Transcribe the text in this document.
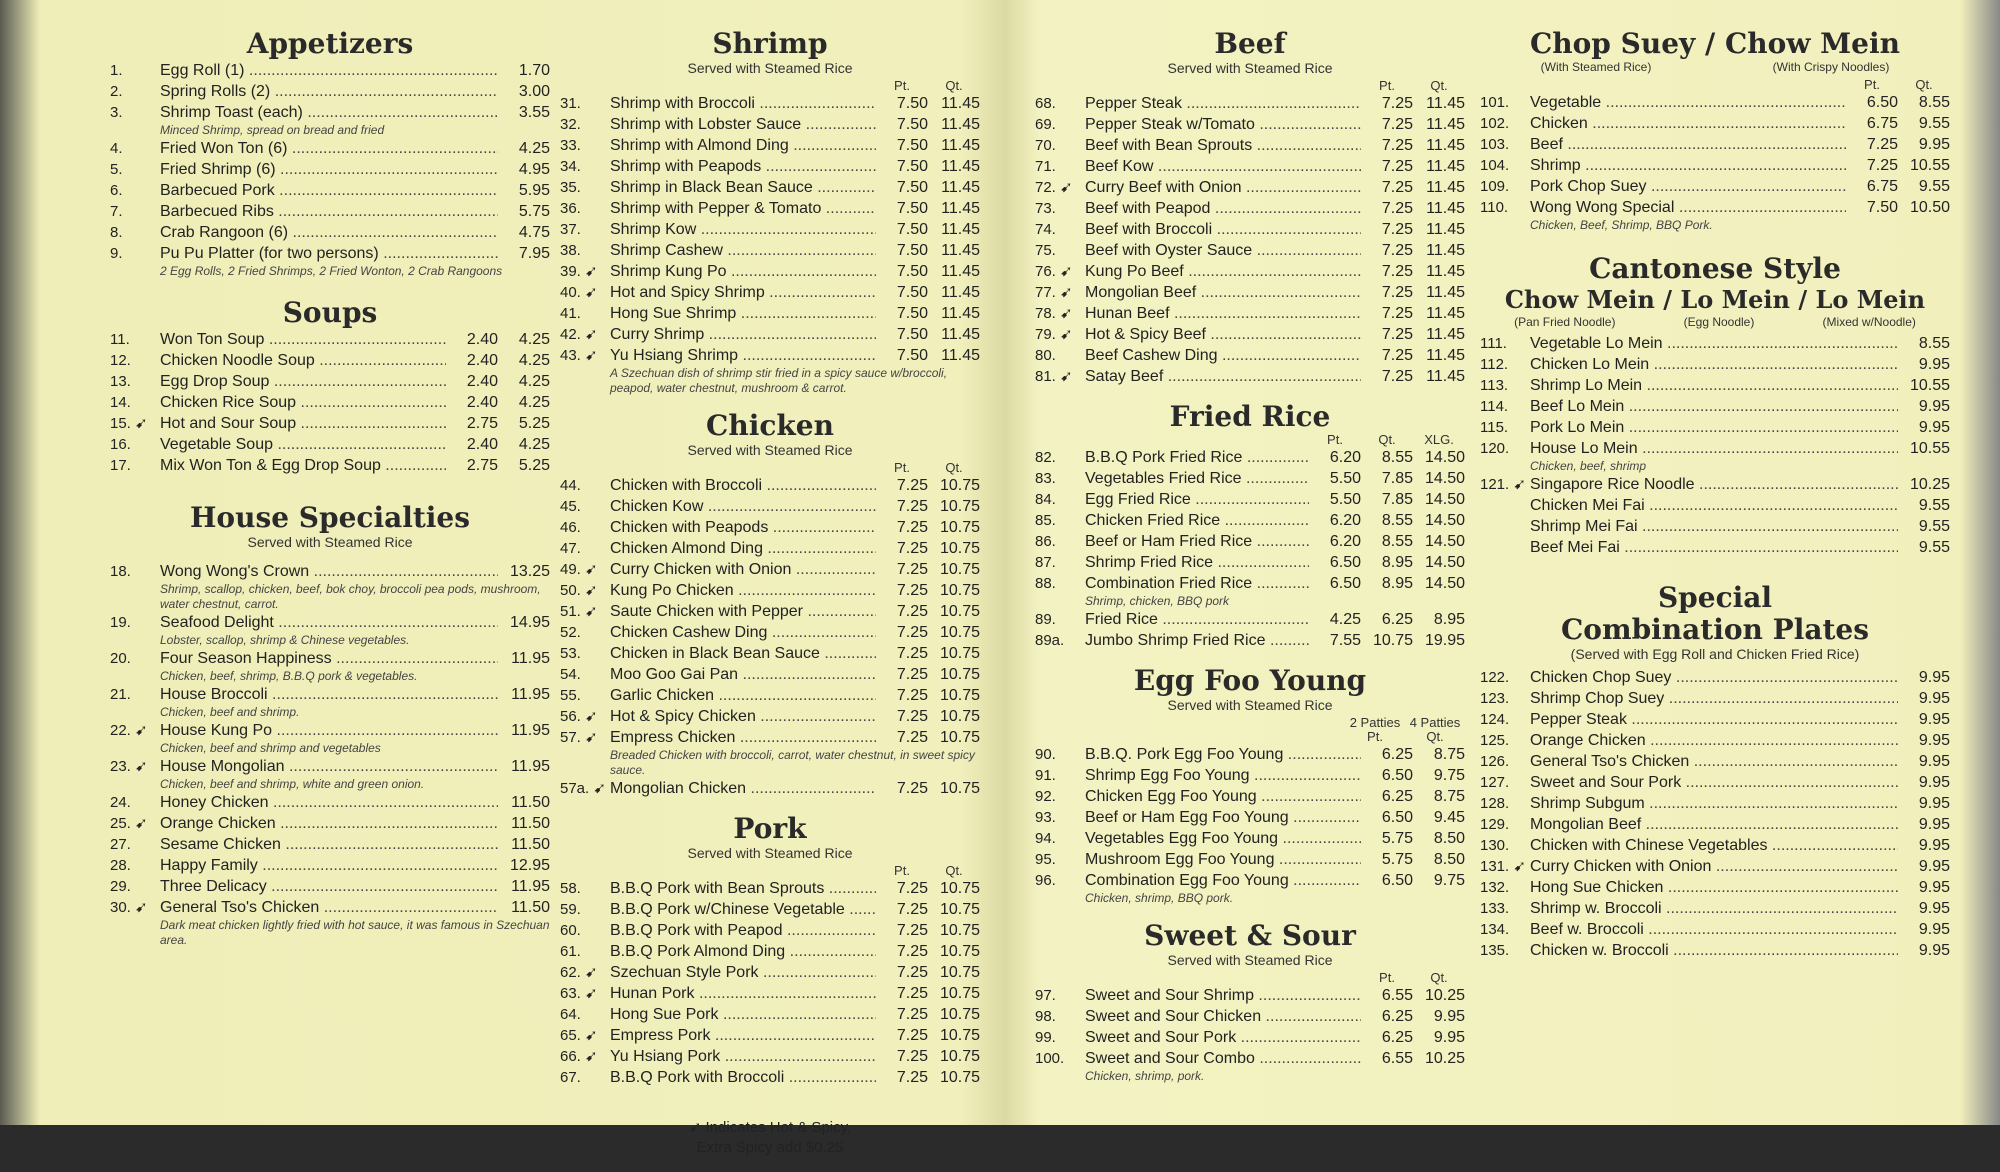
Appetizers
1.	Egg Roll (1) .....	1.70
2.	Spring Rolls (2) .....	3.00
3.	Shrimp Toast (each) .....	3.55
Minced Shrimp, spread on bread and fried
4.	Fried Won Ton (6) .....	4.25
5.	Fried Shrimp (6) .....	4.95
6.	Barbecued Pork .....	5.95
7.	Barbecued Ribs .....	5.75
8.	Crab Rangoon (6) .....	4.75
9.	Pu Pu Platter (for two persons) .....	7.95
2 Egg Rolls, 2 Fried Shrimps, 2 Fried Wonton, 2 Crab Rangoons
Soups
11.	Won Ton Soup .....	2.40	4.25
12.	Chicken Noodle Soup .....	2.40	4.25
13.	Egg Drop Soup .....	2.40	4.25
14.	Chicken Rice Soup .....	2.40	4.25
15. ➹ Hot and Sour Soup .....	2.75	5.25
16.	Vegetable Soup .....	2.40	4.25
17.	Mix Won Ton & Egg Drop Soup .....	2.75	5.25
House Specialties
Served with Steamed Rice
18.	Wong Wong's Crown .....	13.25
Shrimp, scallop, chicken, beef, bok choy, broccoli pea pods, mushroom, water chestnut, carrot.
19.	Seafood Delight .....	14.95
Lobster, scallop, shrimp & Chinese vegetables.
20.	Four Season Happiness .....	11.95
Chicken, beef, shrimp, B.B.Q pork & vegetables.
21.	House Broccoli .....	11.95
Chicken, beef and shrimp.
22. ➹ House Kung Po .....	11.95
Chicken, beef and shrimp and vegetables
23. ➹ House Mongolian .....	11.95
Chicken, beef and shrimp, white and green onion.
24.	Honey Chicken .....	11.50
25. ➹ Orange Chicken .....	11.50
27.	Sesame Chicken .....	11.50
28.	Happy Family .....	12.95
29.	Three Delicacy .....	11.95
30. ➹ General Tso's Chicken .....	11.50
Dark meat chicken lightly fried with hot sauce, it was famous in Szechuan area.
Shrimp
Served with Steamed Rice
Pt.	Qt.
31.	Shrimp with Broccoli .....	7.50 11.45
32.	Shrimp with Lobster Sauce .....	7.50 11.45
33.	Shrimp with Almond Ding .....	7.50 11.45
34.	Shrimp with Peapods .....	7.50 11.45
35.	Shrimp in Black Bean Sauce .....	7.50 11.45
36.	Shrimp with Pepper & Tomato .....	7.50 11.45
37.	Shrimp Kow .....	7.50 11.45
38.	Shrimp Cashew .....	7.50 11.45
39. ➹ Shrimp Kung Po .....	7.50 11.45
40. ➹ Hot and Spicy Shrimp .....	7.50 11.45
41.	Hong Sue Shrimp .....	7.50 11.45
42. ➹ Curry Shrimp .....	7.50 11.45
43. ➹ Yu Hsiang Shrimp .....	7.50 11.45
A Szechuan dish of shrimp stir fried in a spicy sauce w/broccoli, peapod, water chestnut, mushroom & carrot.
Chicken
Served with Steamed Rice
Pt.	Qt.
44.	Chicken with Broccoli .....	7.25 10.75
45.	Chicken Kow .....	7.25 10.75
46.	Chicken with Peapods .....	7.25 10.75
47.	Chicken Almond Ding .....	7.25 10.75
49. ➹ Curry Chicken with Onion .....	7.25 10.75
50. ➹ Kung Po Chicken .....	7.25 10.75
51. ➹ Saute Chicken with Pepper .....	7.25 10.75
52.	Chicken Cashew Ding .....	7.25 10.75
53.	Chicken in Black Bean Sauce .....	7.25 10.75
54.	Moo Goo Gai Pan .....	7.25 10.75
55.	Garlic Chicken .....	7.25 10.75
56. ➹ Hot & Spicy Chicken .....	7.25 10.75
57. ➹ Empress Chicken .....	7.25 10.75
Breaded Chicken with broccoli, carrot, water chestnut, in sweet spicy sauce.
57a. ➹ Mongolian Chicken .....	7.25 10.75
Pork
Served with Steamed Rice
Pt.	Qt.
58.	B.B.Q Pork with Bean Sprouts .....	7.25 10.75
59.	B.B.Q Pork w/Chinese Vegetable .....	7.25 10.75
60.	B.B.Q Pork with Peapod .....	7.25 10.75
61.	B.B.Q Pork Almond Ding .....	7.25 10.75
62. ➹ Szechuan Style Pork .....	7.25 10.75
63. ➹ Hunan Pork .....	7.25 10.75
64.	Hong Sue Pork .....	7.25 10.75
65. ➹ Empress Pork .....	7.25 10.75
66. ➹ Yu Hsiang Pork .....	7.25 10.75
67.	B.B.Q Pork with Broccoli .....	7.25 10.75
➹ Indicates Hot & Spicy.
Extra Spicy add $0.25
Beef
Served with Steamed Rice
Pt.	Qt.
68.	Pepper Steak .....	7.25 11.45
69.	Pepper Steak w/Tomato .....	7.25 11.45
70.	Beef with Bean Sprouts .....	7.25 11.45
71.	Beef Kow .....	7.25 11.45
72. ➹ Curry Beef with Onion .....	7.25 11.45
73.	Beef with Peapod .....	7.25 11.45
74.	Beef with Broccoli .....	7.25 11.45
75.	Beef with Oyster Sauce .....	7.25 11.45
76. ➹ Kung Po Beef .....	7.25 11.45
77. ➹ Mongolian Beef .....	7.25 11.45
78. ➹ Hunan Beef .....	7.25 11.45
79. ➹ Hot & Spicy Beef .....	7.25 11.45
80.	Beef Cashew Ding .....	7.25 11.45
81. ➹ Satay Beef .....	7.25 11.45
Fried Rice
Pt.	Qt.	XLG.
82.	B.B.Q Pork Fried Rice .....	6.20	8.55 14.50
83.	Vegetables Fried Rice .....	5.50	7.85 14.50
84.	Egg Fried Rice .....	5.50	7.85 14.50
85.	Chicken Fried Rice .....	6.20	8.55 14.50
86.	Beef or Ham Fried Rice .....	6.20	8.55 14.50
87.	Shrimp Fried Rice .....	6.50	8.95 14.50
88.	Combination Fried Rice .....	6.50	8.95 14.50
Shrimp, chicken, BBQ pork
89.	Fried Rice .....	4.25	6.25	8.95
89a.	Jumbo Shrimp Fried Rice .....	7.55 10.75 19.95
Egg Foo Young
Served with Steamed Rice
2 Patties Pt.
4 Patties Qt.
90.	B.B.Q. Pork Egg Foo Young .....	6.25	8.75
91.	Shrimp Egg Foo Young .....	6.50	9.75
92.	Chicken Egg Foo Young .....	6.25	8.75
93.	Beef or Ham Egg Foo Young .....	6.50	9.45
94.	Vegetables Egg Foo Young .....	5.75	8.50
95.	Mushroom Egg Foo Young .....	5.75	8.50
96.	Combination Egg Foo Young .....	6.50	9.75
Chicken, shrimp, BBQ pork.
Sweet & Sour
Served with Steamed Rice
Pt.	Qt.
97.	Sweet and Sour Shrimp .....	6.55 10.25
98.	Sweet and Sour Chicken .....	6.25	9.95
99.	Sweet and Sour Pork .....	6.25	9.95
100.	Sweet and Sour Combo .....	6.55 10.25
Chicken, shrimp, pork.
Chop Suey / Chow Mein
(With Steamed Rice)	(With Crispy Noodles)
Pt.	Qt.
101.	Vegetable .....	6.50	8.55
102.	Chicken .....	6.75	9.55
103.	Beef .....	7.25	9.95
104.	Shrimp .....	7.25 10.55
109.	Pork Chop Suey .....	6.75	9.55
110.	Wong Wong Special .....	7.50 10.50
Chicken, Beef, Shrimp, BBQ Pork.
Cantonese Style
Chow Mein / Lo Mein / Lo Mein
(Pan Fried Noodle)	(Egg Noodle)	(Mixed w/Noodle)
111.	Vegetable Lo Mein .....	8.55
112.	Chicken Lo Mein .....	9.95
113.	Shrimp Lo Mein .....	10.55
114.	Beef Lo Mein .....	9.95
115.	Pork Lo Mein .....	9.95
120.	House Lo Mein .....	10.55
Chicken, beef, shrimp
121. ➹ Singapore Rice Noodle .....	10.25
Chicken Mei Fai .....	9.55
Shrimp Mei Fai .....	9.55
Beef Mei Fai .....	9.55
Special
Combination Plates
(Served with Egg Roll and Chicken Fried Rice)
122.	Chicken Chop Suey .....	9.95
123.	Shrimp Chop Suey .....	9.95
124.	Pepper Steak .....	9.95
125.	Orange Chicken .....	9.95
126.	General Tso's Chicken .....	9.95
127.	Sweet and Sour Pork .....	9.95
128.	Shrimp Subgum .....	9.95
129.	Mongolian Beef .....	9.95
130.	Chicken with Chinese Vegetables .....	9.95
131. ➹ Curry Chicken with Onion .....	9.95
132.	Hong Sue Chicken .....	9.95
133.	Shrimp w. Broccoli .....	9.95
134.	Beef w. Broccoli .....	9.95
135.	Chicken w. Broccoli .....	9.95
